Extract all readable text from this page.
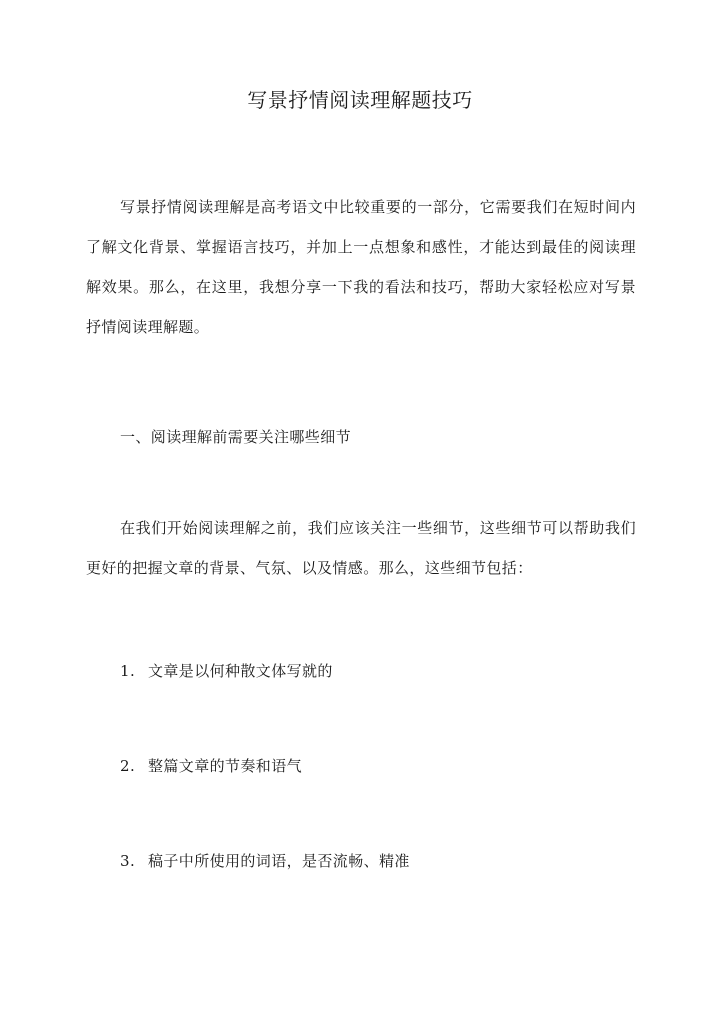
写景抒情阅读理解题技巧

写景抒情阅读理解是高考语文中比较重要的一部分，它需要我们在短时间内了解文化背景、掌握语言技巧，并加上一点想象和感性，才能达到最佳的阅读理解效果。那么，在这里，我想分享一下我的看法和技巧，帮助大家轻松应对写景抒情阅读理解题。

一、阅读理解前需要关注哪些细节

在我们开始阅读理解之前，我们应该关注一些细节，这些细节可以帮助我们更好的把握文章的背景、气氛、以及情感。那么，这些细节包括：

1. 文章是以何种散文体写就的

2. 整篇文章的节奏和语气

3. 稿子中所使用的词语，是否流畅、精准
